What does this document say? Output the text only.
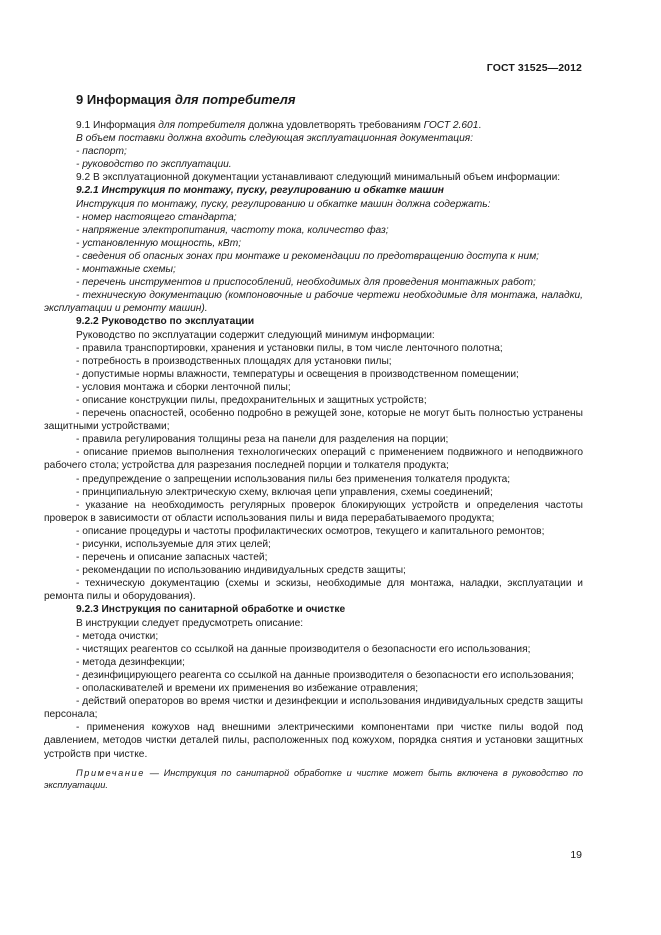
ГОСТ 31525—2012
9 Информация для потребителя

9.1 Информация для потребителя должна удовлетворять требованиям ГОСТ 2.601.

В объем поставки должна входить следующая эксплуатационная документация:

- паспорт;

- руководство по эксплуатации.

9.2 В эксплуатационной документации устанавливают следующий минимальный объем информации:

9.2.1 Инструкция по монтажу, пуску, регулированию и обкатке машин

Инструкция по монтажу, пуску, регулированию и обкатке машин должна содержать:

- номер настоящего стандарта;

- напряжение электропитания, частоту тока, количество фаз;

- установленную мощность, кВт;

- сведения об опасных зонах при монтаже и рекомендации по предотвращению доступа к ним;

- монтажные схемы;

- перечень инструментов и приспособлений, необходимых для проведения монтажных работ;

- техническую документацию (компоновочные и рабочие чертежи необходимые для монтажа, наладки, эксплуатации и ремонту машин).

9.2.2 Руководство по эксплуатации

Руководство по эксплуатации содержит следующий минимум информации:

- правила транспортировки, хранения и установки пилы, в том числе ленточного полотна;

- потребность в производственных площадях для установки пилы;

- допустимые нормы влажности, температуры и освещения в производственном помещении;

- условия монтажа и сборки ленточной пилы;

- описание конструкции пилы, предохранительных и защитных устройств;

- перечень опасностей, особенно подробно в режущей зоне, которые не могут быть полностью устранены защитными устройствами;

- правила регулирования толщины реза на панели для разделения на порции;

- описание приемов выполнения технологических операций с применением подвижного и неподвижного рабочего стола; устройства для разрезания последней порции и толкателя продукта;

- предупреждение о запрещении использования пилы без применения толкателя продукта;

- принципиальную электрическую схему, включая цепи управления, схемы соединений;

- указание на необходимость регулярных проверок блокирующих устройств и определения частоты проверок в зависимости от области использования пилы и вида перерабатываемого продукта;

- описание процедуры и частоты профилактических осмотров, текущего и капитального ремонтов;

- рисунки, используемые для этих целей;

- перечень и описание запасных частей;

- рекомендации по использованию индивидуальных средств защиты;

- техническую документацию (схемы и эскизы, необходимые для монтажа, наладки, эксплуатации и ремонта пилы и оборудования).

9.2.3 Инструкция по санитарной обработке и очистке

В инструкции следует предусмотреть описание:

- метода очистки;

- чистящих реагентов со ссылкой на данные производителя о безопасности его использования;

- метода дезинфекции;

- дезинфицирующего реагента со ссылкой на данные производителя о безопасности его использования;

- ополаскивателей и времени их применения во избежание отравления;

- действий операторов во время чистки и дезинфекции и использования индивидуальных средств защиты персонала;

- применения кожухов над внешними электрическими компонентами при чистке пилы водой под давлением, методов чистки деталей пилы, расположенных под кожухом, порядка снятия и установки защитных устройств при чистке.

Примечание — Инструкция по санитарной обработке и чистке может быть включена в руководство по эксплуатации.

19
